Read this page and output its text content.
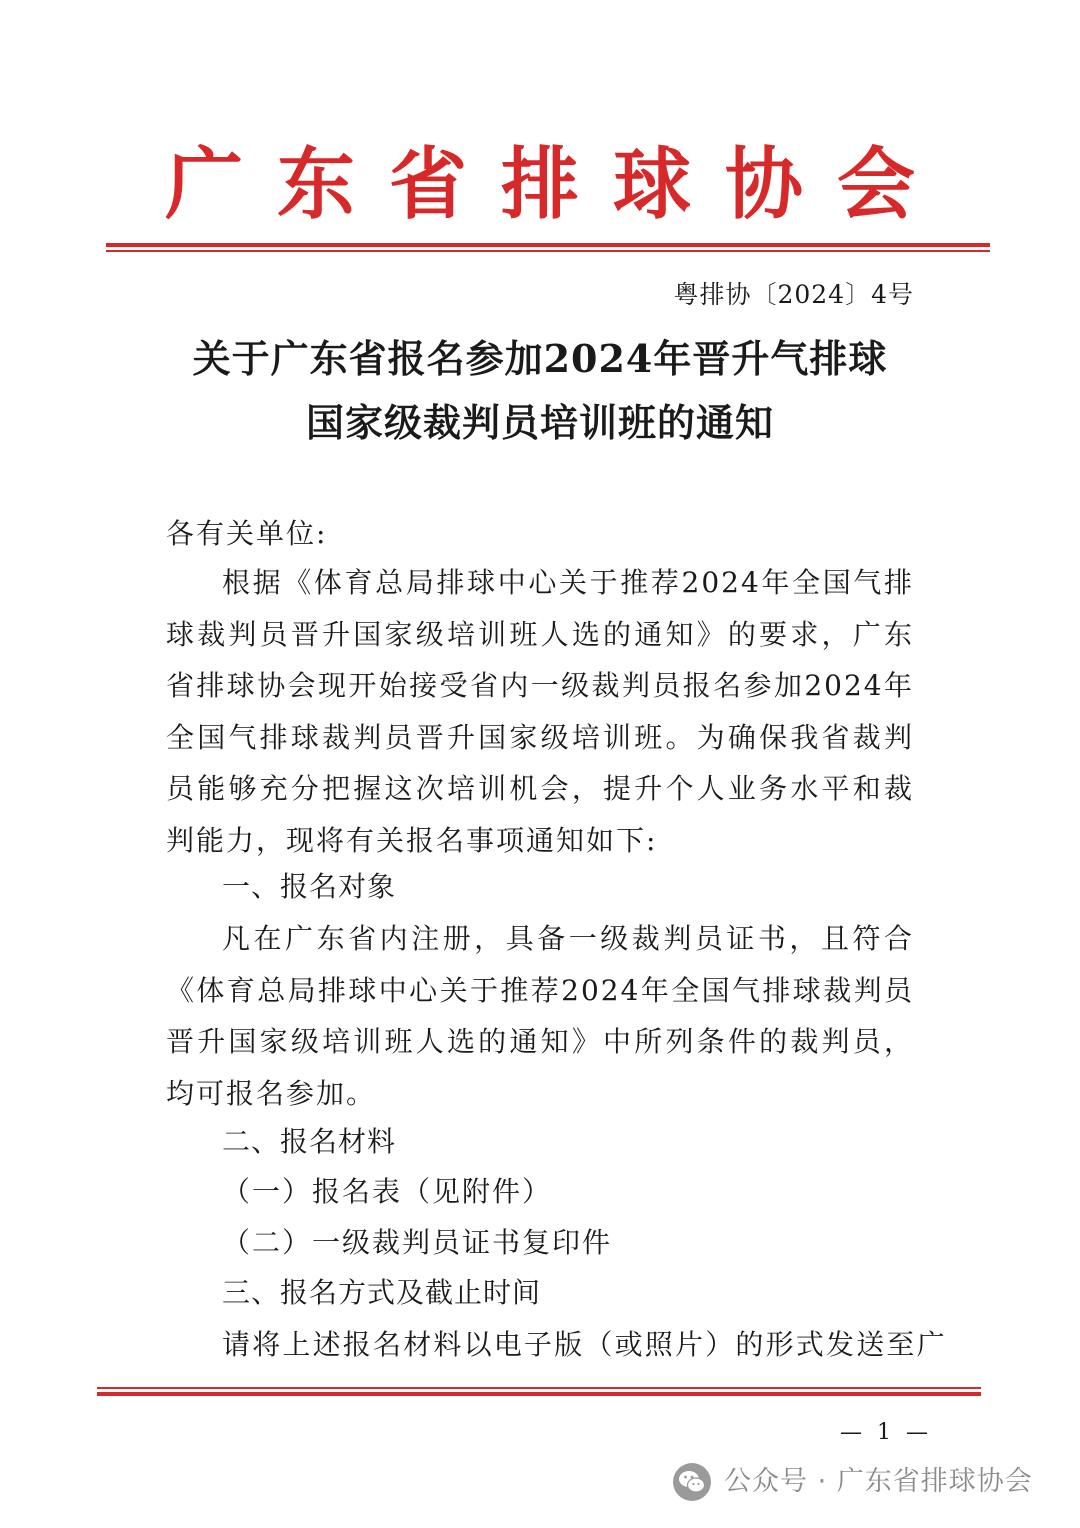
广东省排球协会
粤排协〔2024〕4号
关于广东省报名参加2024年晋升气排球
国家级裁判员培训班的通知
各有关单位:
根据《体育总局排球中心关于推荐2024年全国气排球裁判员晋升国家级培训班人选的通知》的要求，广东省排球协会现开始接受省内一级裁判员报名参加2024年全国气排球裁判员晋升国家级培训班。为确保我省裁判员能够充分把握这次培训机会，提升个人业务水平和裁判能力，现将有关报名事项通知如下:
一、报名对象
凡在广东省内注册，具备一级裁判员证书，且符合《体育总局排球中心关于推荐2024年全国气排球裁判员晋升国家级培训班人选的通知》中所列条件的裁判员，均可报名参加。
二、报名材料
（一）报名表（见附件）
（二）一级裁判员证书复印件
三、报名方式及截止时间
请将上述报名材料以电子版（或照片）的形式发送至广
— 1 —
公众号 · 广东省排球协会
